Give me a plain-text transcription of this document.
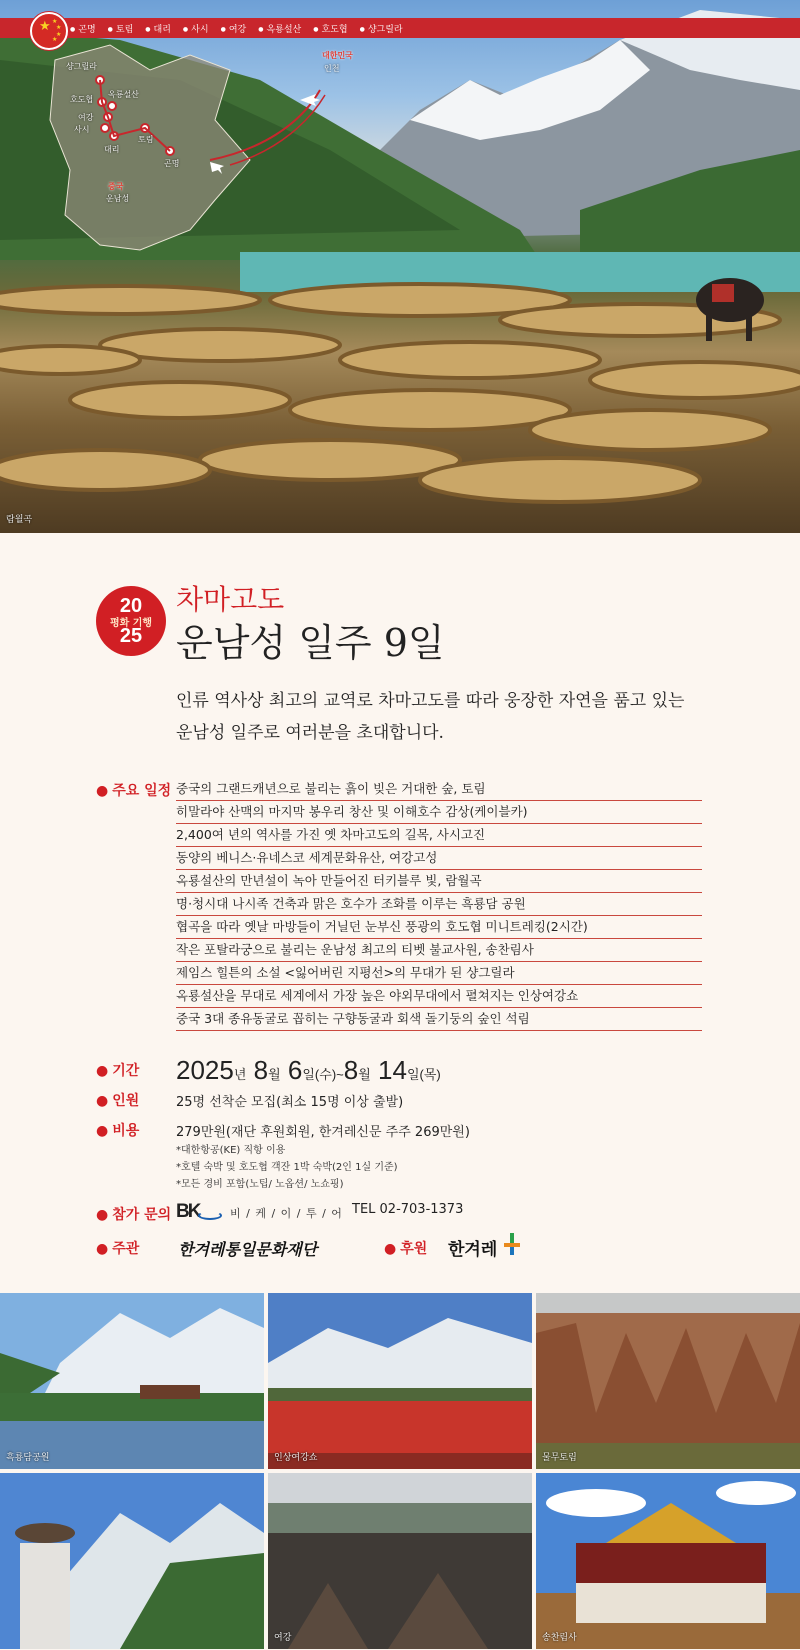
● 곤명	● 토림	● 대리	● 사시	● 여강	● 옥룡설산	● 호도협	● 샹그릴라
★ ★
★
★
★
샹그릴라
호도협
옥룡설산
여강
사시
대리
토림
곤명
대한민국
인천
중국
운남성
람월곡
20
평화 기행
25
차마고도
운남성 일주 9일
인류 역사상 최고의 교역로 차마고도를 따라 웅장한 자연을 품고 있는
운남성 일주로 여러분을 초대합니다.
● 주요 일정 중국의 그랜드캐년으로 불리는 흙이 빚은 거대한 숲, 토림
히말라야 산맥의 마지막 봉우리 창산 및 이해호수 감상(케이블카)
2,400여 년의 역사를 가진 옛 차마고도의 길목, 사시고진
동양의 베니스·유네스코 세계문화유산, 여강고성
옥룡설산의 만년설이 녹아 만들어진 터키블루 빛, 람월곡
명·청시대 나시족 건축과 맑은 호수가 조화를 이루는 흑룡담 공원
협곡을 따라 옛날 마방들이 거닐던 눈부신 풍광의 호도협 미니트레킹(2시간)
작은 포탈라궁으로 불리는 운남성 최고의 티벳 불교사원, 송찬림사
제임스 힐튼의 소설 <잃어버린 지평선>의 무대가 된 샹그릴라
옥룡설산을 무대로 세계에서 가장 높은 야외무대에서 펼쳐지는 인상여강쇼
중국 3대 종유동굴로 꼽히는 구향동굴과 회색 돌기둥의 숲인 석림
● 기간 2025년 8월 6일(수)~8월 14일(목)
● 인원	25명 선착순 모집(최소 15명 이상 출발)
● 비용	279만원(재단 후원회원, 한겨레신문 주주 269만원)
*대한항공(KE) 직항 이용
*호텔 숙박 및 호도협 객잔 1박 숙박(2인 1실 기준)
*모든 경비 포함(노팁/ 노옵션/ 노쇼핑)
● 참가 문의 BK	비 / 케 / 이 / 투 / 어 TEL 02-703-1373
● 주관 한겨레통일문화재단	● 후원 한겨레
흑룡담공원	인상여강쇼	물무토림
여강	송찬림사
